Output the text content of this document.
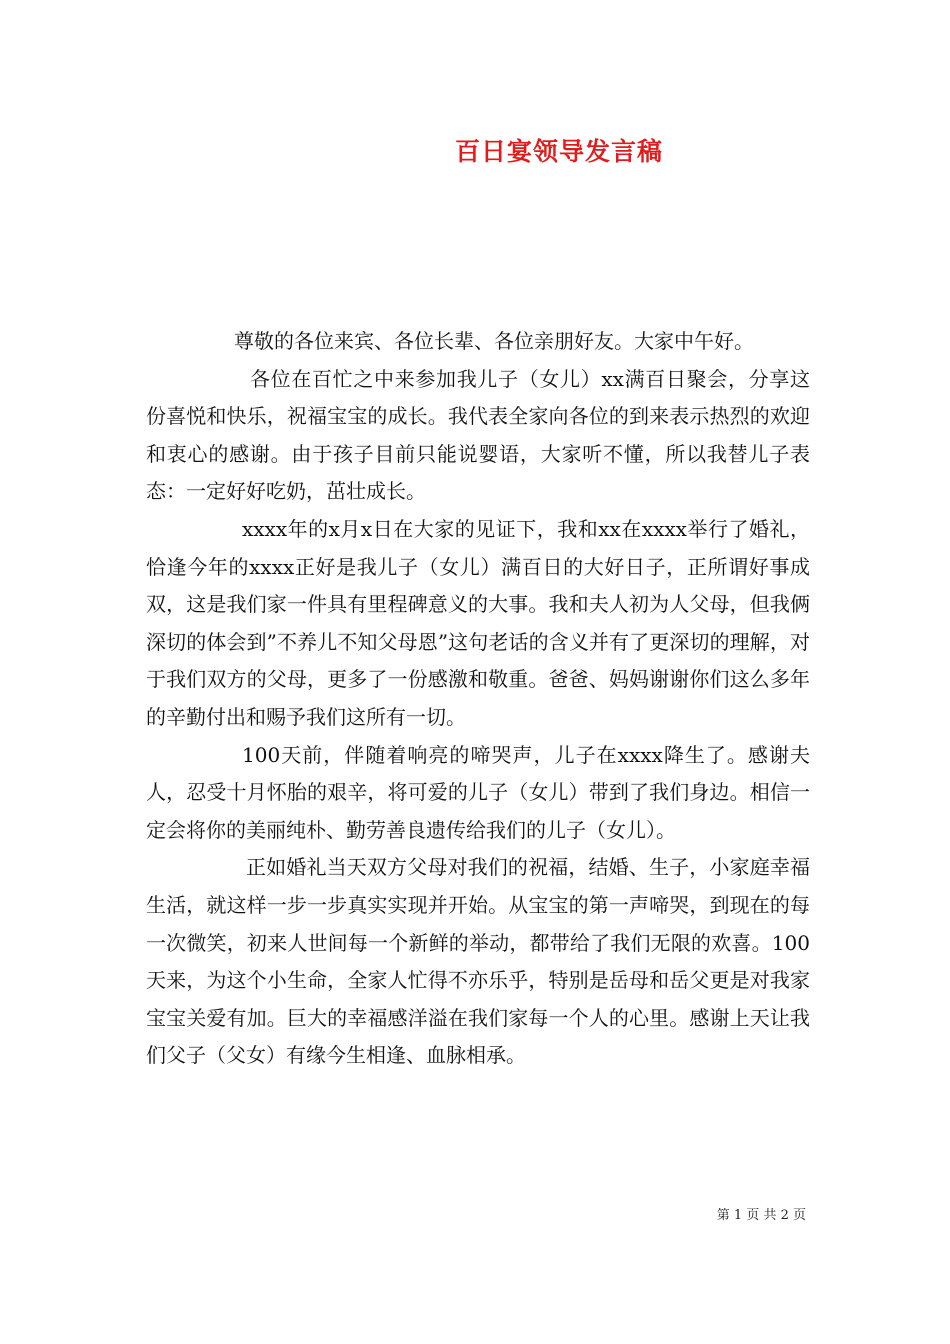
百日宴领导发言稿

尊敬的各位来宾、各位长辈、各位亲朋好友。大家中午好。

各位在百忙之中来参加我儿子（女儿）xx满百日聚会，分享这份喜悦和快乐，祝福宝宝的成长。我代表全家向各位的到来表示热烈的欢迎和衷心的感谢。由于孩子目前只能说婴语，大家听不懂，所以我替儿子表态：一定好好吃奶，茁壮成长。

xxxx年的x月x日在大家的见证下，我和xx在xxxx举行了婚礼，恰逢今年的xxxx正好是我儿子（女儿）满百日的大好日子，正所谓好事成双，这是我们家一件具有里程碑意义的大事。我和夫人初为人父母，但我俩深切的体会到”不养儿不知父母恩”这句老话的含义并有了更深切的理解，对于我们双方的父母，更多了一份感激和敬重。爸爸、妈妈谢谢你们这么多年的辛勤付出和赐予我们这所有一切。

100天前，伴随着响亮的啼哭声，儿子在xxxx降生了。感谢夫人，忍受十月怀胎的艰辛，将可爱的儿子（女儿）带到了我们身边。相信一定会将你的美丽纯朴、勤劳善良遗传给我们的儿子（女儿）。

正如婚礼当天双方父母对我们的祝福，结婚、生子，小家庭幸福生活，就这样一步一步真实实现并开始。从宝宝的第一声啼哭，到现在的每一次微笑，初来人世间每一个新鲜的举动，都带给了我们无限的欢喜。100天来，为这个小生命，全家人忙得不亦乐乎，特别是岳母和岳父更是对我家宝宝关爱有加。巨大的幸福感洋溢在我们家每一个人的心里。感谢上天让我们父子（父女）有缘今生相逢、血脉相承。

第 1 页 共 2 页
